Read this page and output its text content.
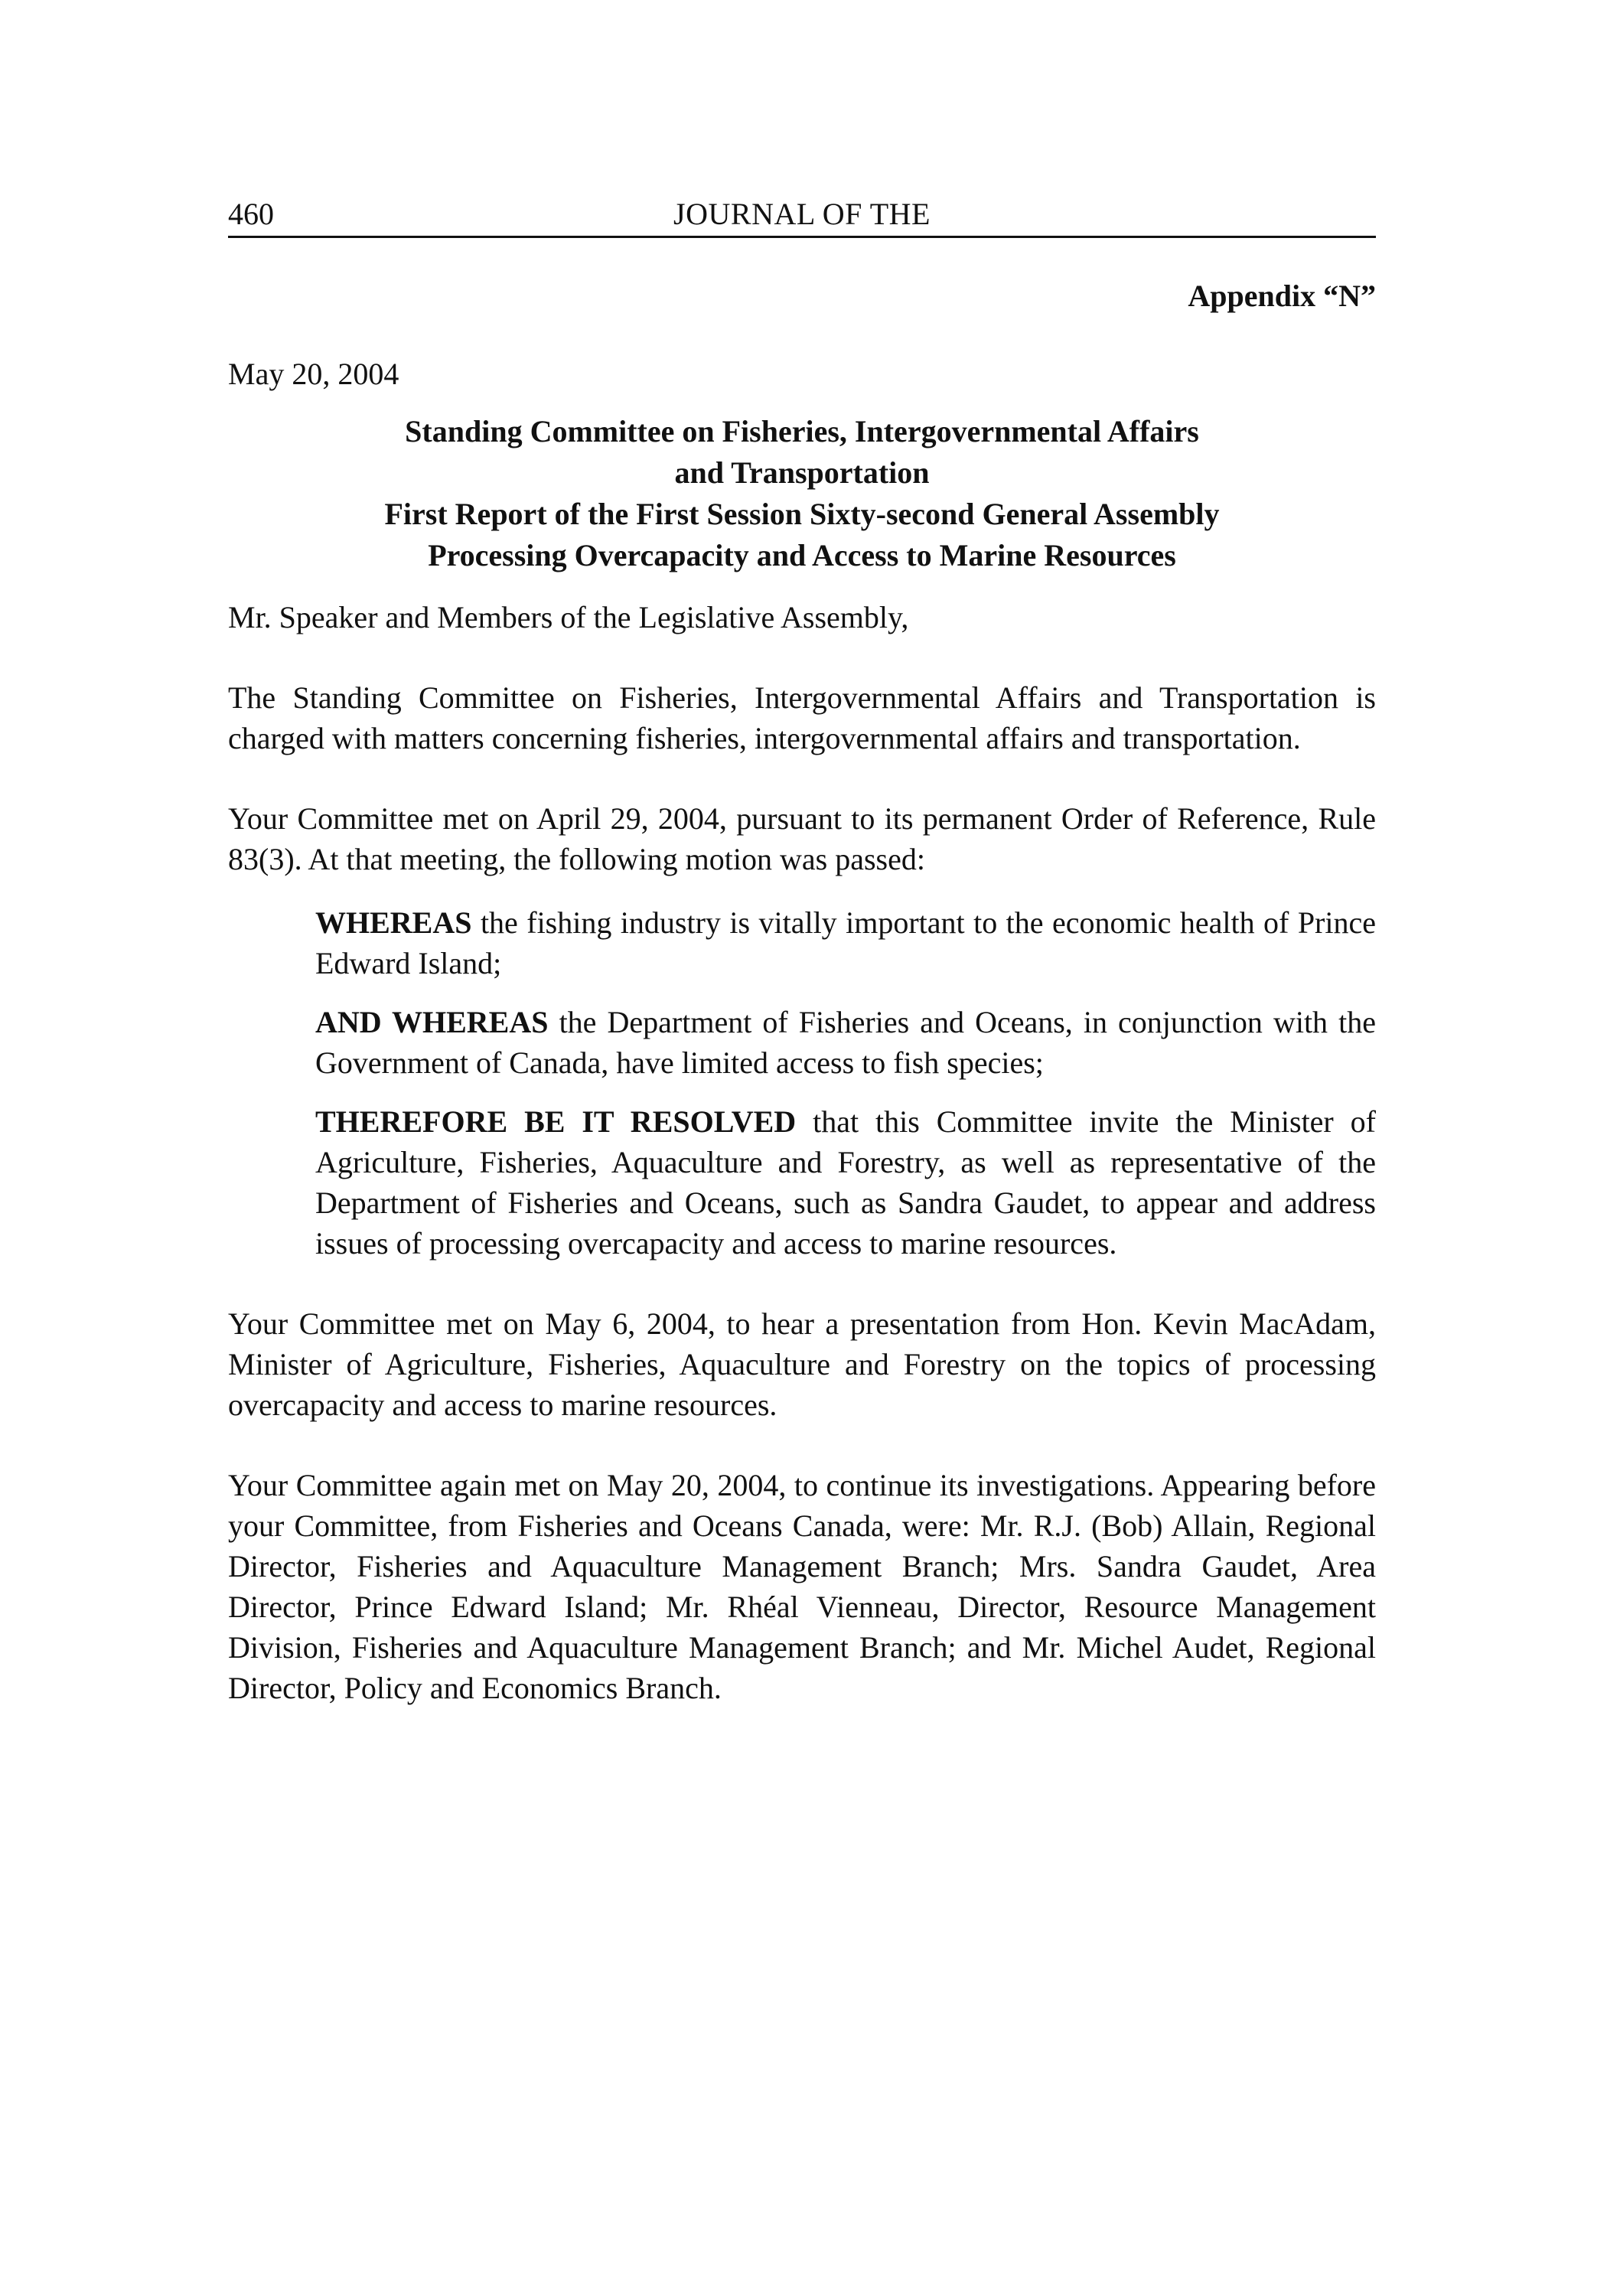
460	JOURNAL OF THE
Appendix “N”
May 20, 2004
Standing Committee on Fisheries, Intergovernmental Affairs
and Transportation
First Report of the First Session Sixty-second General Assembly
Processing Overcapacity and Access to Marine Resources
Mr. Speaker and Members of the Legislative Assembly,

The Standing Committee on Fisheries, Intergovernmental Affairs and Transportation is charged with matters concerning fisheries, intergovernmental affairs and transportation.

Your Committee met on April 29, 2004, pursuant to its permanent Order of Reference, Rule 83(3). At that meeting, the following motion was passed:

WHEREAS the fishing industry is vitally important to the economic health of Prince Edward Island;

AND WHEREAS the Department of Fisheries and Oceans, in conjunction with the Government of Canada, have limited access to fish species;

THEREFORE BE IT RESOLVED that this Committee invite the Minister of Agriculture, Fisheries, Aquaculture and Forestry, as well as representative of the Department of Fisheries and Oceans, such as Sandra Gaudet, to appear and address issues of processing overcapacity and access to marine resources.

Your Committee met on May 6, 2004, to hear a presentation from Hon. Kevin MacAdam, Minister of Agriculture, Fisheries, Aquaculture and Forestry on the topics of processing overcapacity and access to marine resources.

Your Committee again met on May 20, 2004, to continue its investigations. Appearing before your Committee, from Fisheries and Oceans Canada, were: Mr. R.J. (Bob) Allain, Regional Director, Fisheries and Aquaculture Management Branch; Mrs. Sandra Gaudet, Area Director, Prince Edward Island; Mr. Rhéal Vienneau, Director, Resource Management Division, Fisheries and Aquaculture Management Branch; and Mr. Michel Audet, Regional Director, Policy and Economics Branch.
